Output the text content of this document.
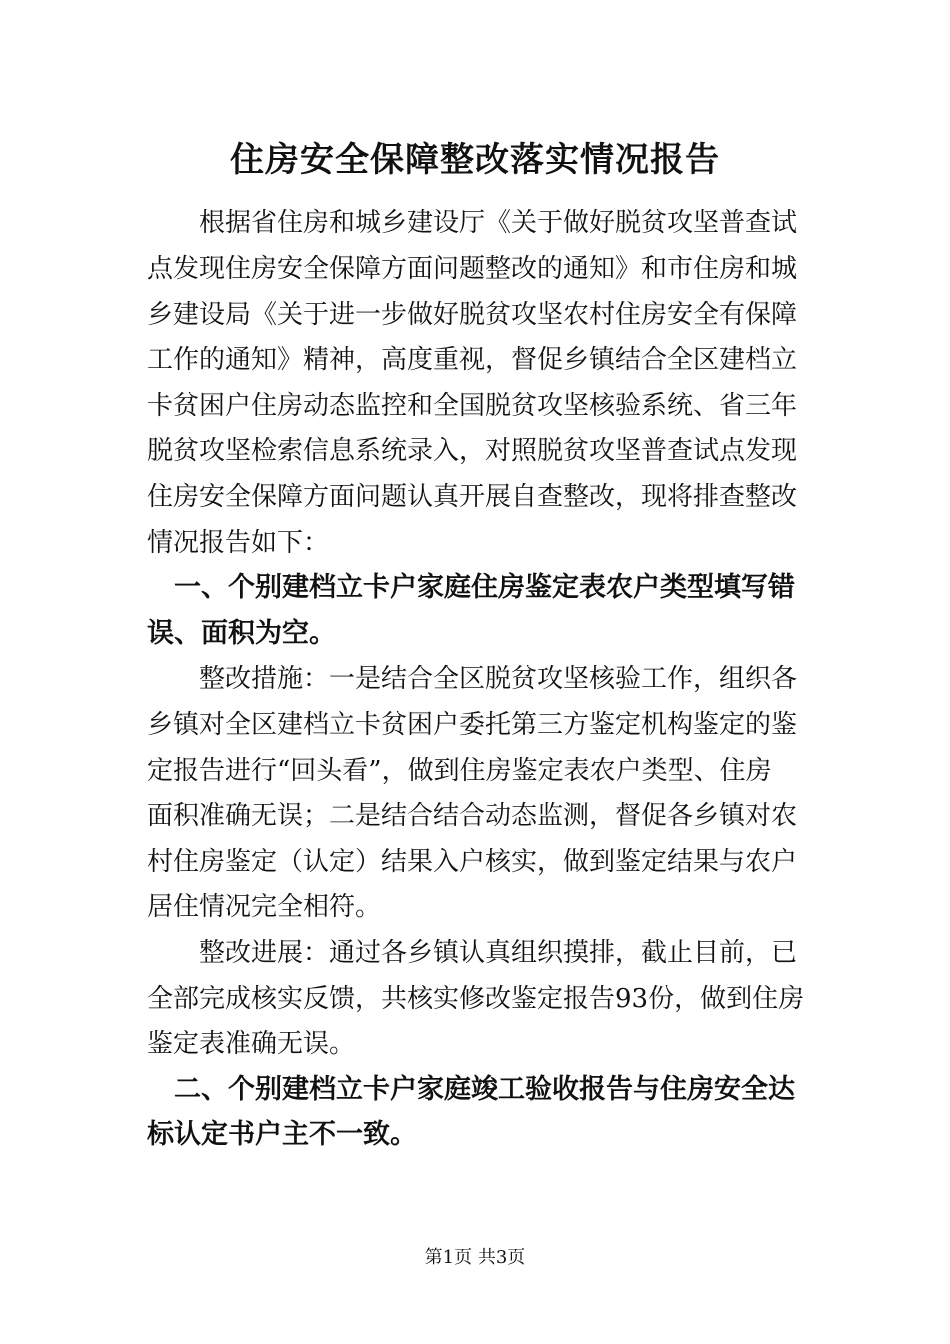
住房安全保障整改落实情况报告
　　根据省住房和城乡建设厅《关于做好脱贫攻坚普查试
点发现住房安全保障方面问题整改的通知》和市住房和城
乡建设局《关于进一步做好脱贫攻坚农村住房安全有保障
工作的通知》精神，高度重视，督促乡镇结合全区建档立
卡贫困户住房动态监控和全国脱贫攻坚核验系统、省三年
脱贫攻坚检索信息系统录入，对照脱贫攻坚普查试点发现
住房安全保障方面问题认真开展自查整改，现将排查整改
情况报告如下：
　一、个别建档立卡户家庭住房鉴定表农户类型填写错
误、面积为空。
　　整改措施：一是结合全区脱贫攻坚核验工作，组织各
乡镇对全区建档立卡贫困户委托第三方鉴定机构鉴定的鉴
定报告进行“回头看”，做到住房鉴定表农户类型、住房
面积准确无误；二是结合结合动态监测，督促各乡镇对农
村住房鉴定（认定）结果入户核实，做到鉴定结果与农户
居住情况完全相符。
　　整改进展：通过各乡镇认真组织摸排，截止目前，已
全部完成核实反馈，共核实修改鉴定报告93份，做到住房
鉴定表准确无误。
　二、个别建档立卡户家庭竣工验收报告与住房安全达
标认定书户主不一致。
第1页 共3页
